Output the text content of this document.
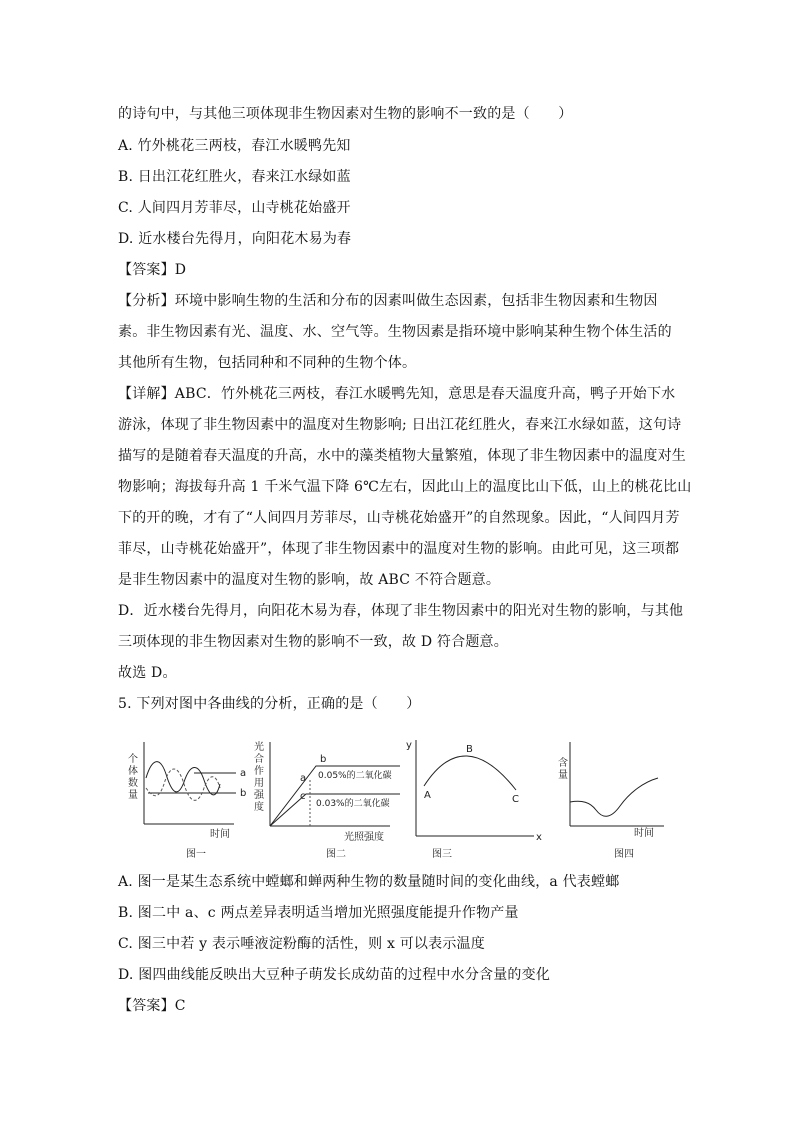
的诗句中，与其他三项体现非生物因素对生物的影响不一致的是（　　）
A. 竹外桃花三两枝，春江水暖鸭先知
B. 日出江花红胜火，春来江水绿如蓝
C. 人间四月芳菲尽，山寺桃花始盛开
D. 近水楼台先得月，向阳花木易为春
【答案】D
【分析】环境中影响生物的生活和分布的因素叫做生态因素，包括非生物因素和生物因
素。非生物因素有光、温度、水、空气等。生物因素是指环境中影响某种生物个体生活的
其他所有生物，包括同种和不同种的生物个体。
【详解】ABC．竹外桃花三两枝，春江水暖鸭先知，意思是春天温度升高，鸭子开始下水
游泳，体现了非生物因素中的温度对生物影响; 日出江花红胜火，春来江水绿如蓝，这句诗
描写的是随着春天温度的升高，水中的藻类植物大量繁殖，体现了非生物因素中的温度对生
物影响；海拔每升高 1 千米气温下降 6℃左右，因此山上的温度比山下低，山上的桃花比山
下的开的晚，才有了“人间四月芳菲尽，山寺桃花始盛开”的自然现象。因此，“人间四月芳
菲尽，山寺桃花始盛开”，体现了非生物因素中的温度对生物的影响。由此可见，这三项都
是非生物因素中的温度对生物的影响，故 ABC 不符合题意。
D．近水楼台先得月，向阳花木易为春，体现了非生物因素中的阳光对生物的影响，与其他
三项体现的非生物因素对生物的影响不一致，故 D 符合题意。
故选 D。
5. 下列对图中各曲线的分析，正确的是（　　）
个
体
数
量
a
b
时间
图一
光
合
作
用
强
度
b
a
c
0.05%的二氧化碳
0.03%的二氧化碳
光照强度
图二
y
A
B
C
x
图三
含
量
时间
图四
A. 图一是某生态系统中螳螂和蝉两种生物的数量随时间的变化曲线，a 代表螳螂
B. 图二中 a、c 两点差异表明适当增加光照强度能提升作物产量
C. 图三中若 y 表示唾液淀粉酶的活性，则 x 可以表示温度
D. 图四曲线能反映出大豆种子萌发长成幼苗的过程中水分含量的变化
【答案】C
